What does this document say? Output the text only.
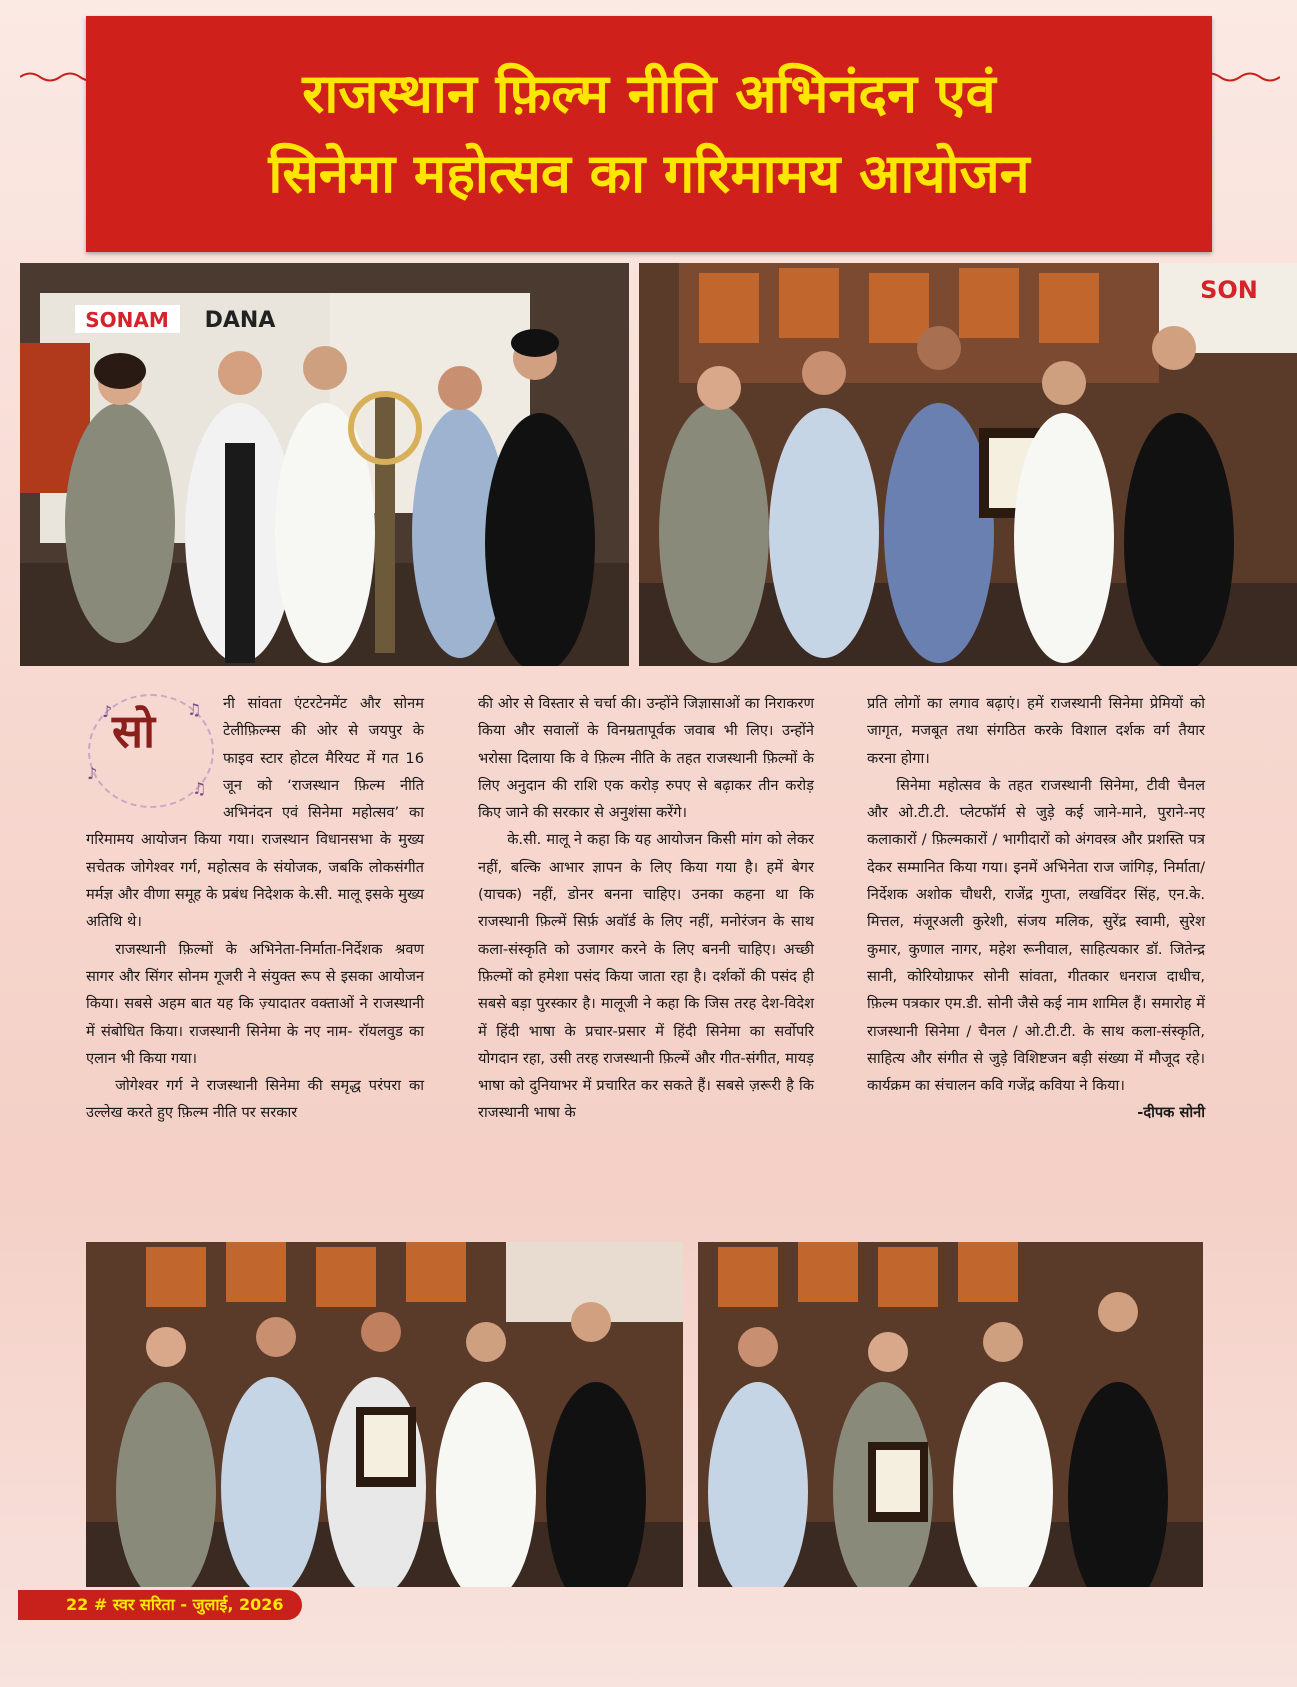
राजस्थान फ़िल्म नीति अभिनंदन एवं
सिनेमा महोत्सव का गरिमामय आयोजन
SONAM DANA
SON
♪	♫
♪
♫
सो

नी सांवता एंटरटेनमेंट और सोनम टेलीफ़िल्म्स की ओर से जयपुर के फाइव स्टार होटल मैरियट में गत 16 जून को ‘राजस्थान फ़िल्म नीति अभिनंदन एवं सिनेमा महोत्सव’ का गरिमामय आयोजन किया गया। राजस्थान विधानसभा के मुख्य सचेतक जोगेश्वर गर्ग, महोत्सव के संयोजक, जबकि लोकसंगीत मर्मज्ञ और वीणा समूह के प्रबंध निदेशक के.सी. मालू इसके मुख्य अतिथि थे।

राजस्थानी फ़िल्मों के अभिनेता-निर्माता-निर्देशक श्रवण सागर और सिंगर सोनम गूजरी ने संयुक्त रूप से इसका आयोजन किया। सबसे अहम बात यह कि ज़्यादातर वक्ताओं ने राजस्थानी में संबोधित किया। राजस्थानी सिनेमा के नए नाम- रॉयलवुड का एलान भी किया गया।

जोगेश्वर गर्ग ने राजस्थानी सिनेमा की समृद्ध परंपरा का उल्लेख करते हुए फ़िल्म नीति पर सरकार

की ओर से विस्तार से चर्चा की। उन्होंने जिज्ञासाओं का निराकरण किया और सवालों के विनम्रतापूर्वक जवाब भी लिए। उन्होंने भरोसा दिलाया कि वे फ़िल्म नीति के तहत राजस्थानी फ़िल्मों के लिए अनुदान की राशि एक करोड़ रुपए से बढ़ाकर तीन करोड़ किए जाने की सरकार से अनुशंसा करेंगे।

के.सी. मालू ने कहा कि यह आयोजन किसी मांग को लेकर नहीं, बल्कि आभार ज्ञापन के लिए किया गया है। हमें बेगर (याचक) नहीं, डोनर बनना चाहिए। उनका कहना था कि राजस्थानी फ़िल्में सिर्फ़ अवॉर्ड के लिए नहीं, मनोरंजन के साथ कला-संस्कृति को उजागर करने के लिए बननी चाहिए। अच्छी फ़िल्मों को हमेशा पसंद किया जाता रहा है। दर्शकों की पसंद ही सबसे बड़ा पुरस्कार है। मालूजी ने कहा कि जिस तरह देश-विदेश में हिंदी भाषा के प्रचार-प्रसार में हिंदी सिनेमा का सर्वोपरि योगदान रहा, उसी तरह राजस्थानी फ़िल्में और गीत-संगीत, मायड़ भाषा को दुनियाभर में प्रचारित कर सकते हैं। सबसे ज़रूरी है कि राजस्थानी भाषा के

प्रति लोगों का लगाव बढ़ाएं। हमें राजस्थानी सिनेमा प्रेमियों को जागृत, मजबूत तथा संगठित करके विशाल दर्शक वर्ग तैयार करना होगा।

सिनेमा महोत्सव के तहत राजस्थानी सिनेमा, टीवी चैनल और ओ.टी.टी. प्लेटफॉर्म से जुड़े कई जाने-माने, पुराने-नए कलाकारों / फ़िल्मकारों / भागीदारों को अंगवस्त्र और प्रशस्ति पत्र देकर सम्मानित किया गया। इनमें अभिनेता राज जांगिड़, निर्माता/निर्देशक अशोक चौधरी, राजेंद्र गुप्ता, लखविंदर सिंह, एन.के. मित्तल, मंजूरअली कुरेशी, संजय मलिक, सुरेंद्र स्वामी, सुरेश कुमार, कुणाल नागर, महेश रूनीवाल, साहित्यकार डॉ. जितेन्द्र सानी, कोरियोग्राफर सोनी सांवता, गीतकार धनराज दाधीच, फ़िल्म पत्रकार एम.डी. सोनी जैसे कई नाम शामिल हैं। समारोह में राजस्थानी सिनेमा / चैनल / ओ.टी.टी. के साथ कला-संस्कृति, साहित्य और संगीत से जुड़े विशिष्टजन बड़ी संख्या में मौजूद रहे। कार्यक्रम का संचालन कवि गजेंद्र कविया ने किया।

-दीपक सोनी

22 # स्वर सरिता - जुलाई, 2026
